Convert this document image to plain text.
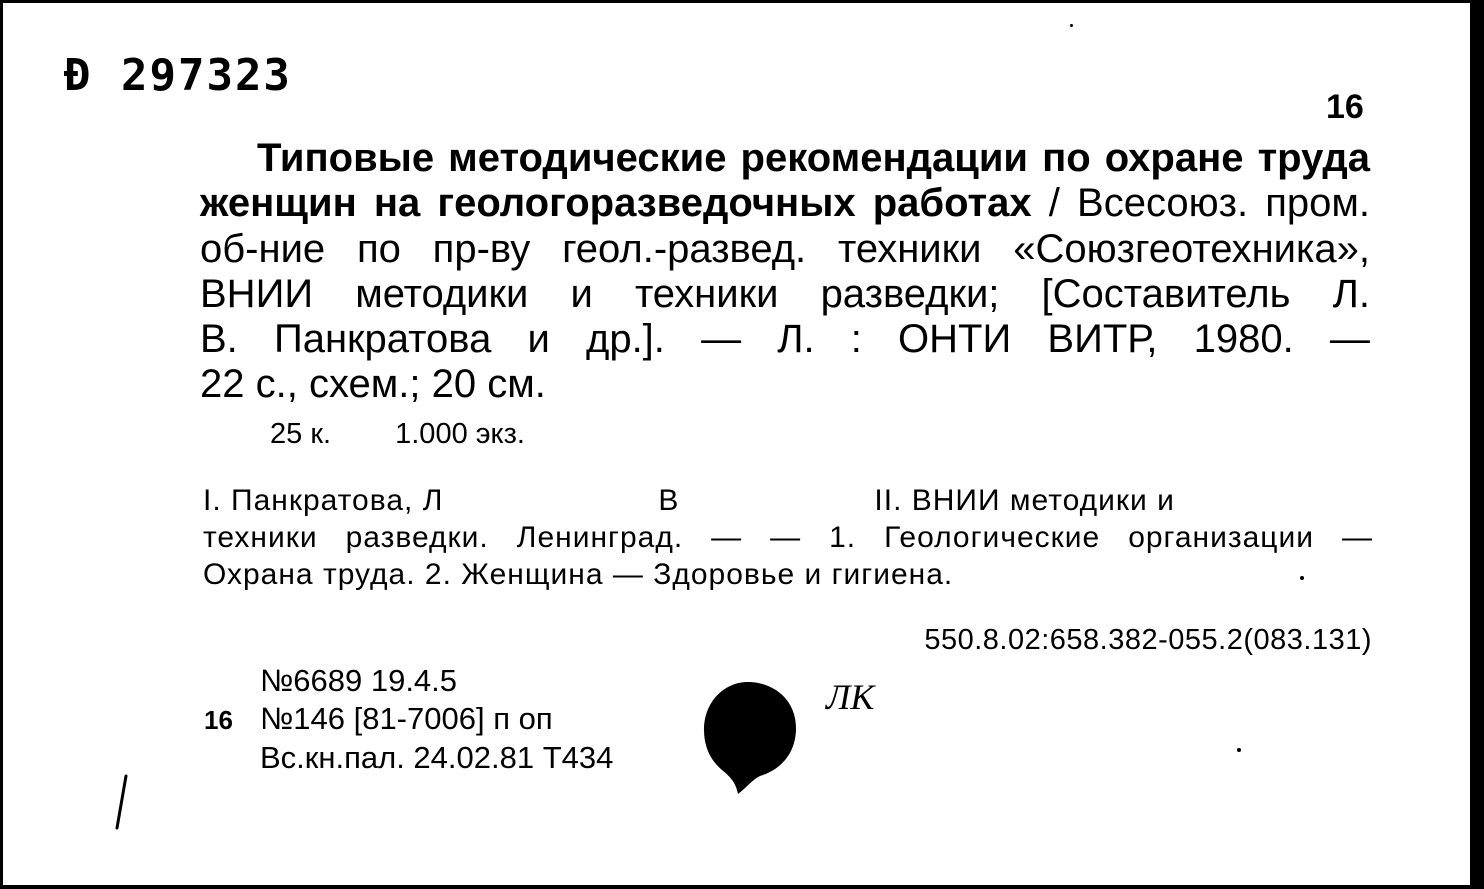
Ð 297323
16
Типовые методические рекомендации по охране труда
женщин на геологоразведочных работах / Всесоюз. пром.
об-ние по пр-ву геол.-развед. техники «Союзгеотехника»,
ВНИИ методики и техники разведки; [Составитель Л.
В. Панкратова и др.]. — Л. : ОНТИ ВИТР, 1980. —
22 с., схем.; 20 см.
25 к. 1.000 экз.
I. Панкратова, Л	В	II. ВНИИ методики и
техники разведки. Ленинград. — — 1. Геологические организации —
Охрана труда. 2. Женщина — Здоровье и гигиена.
550.8.02:658.382-055.2(083.131)
№6689 19.4.5
16 №146 [81-7006] п оп
Вс.кн.пал. 24.02.81 Т434
ЛК
